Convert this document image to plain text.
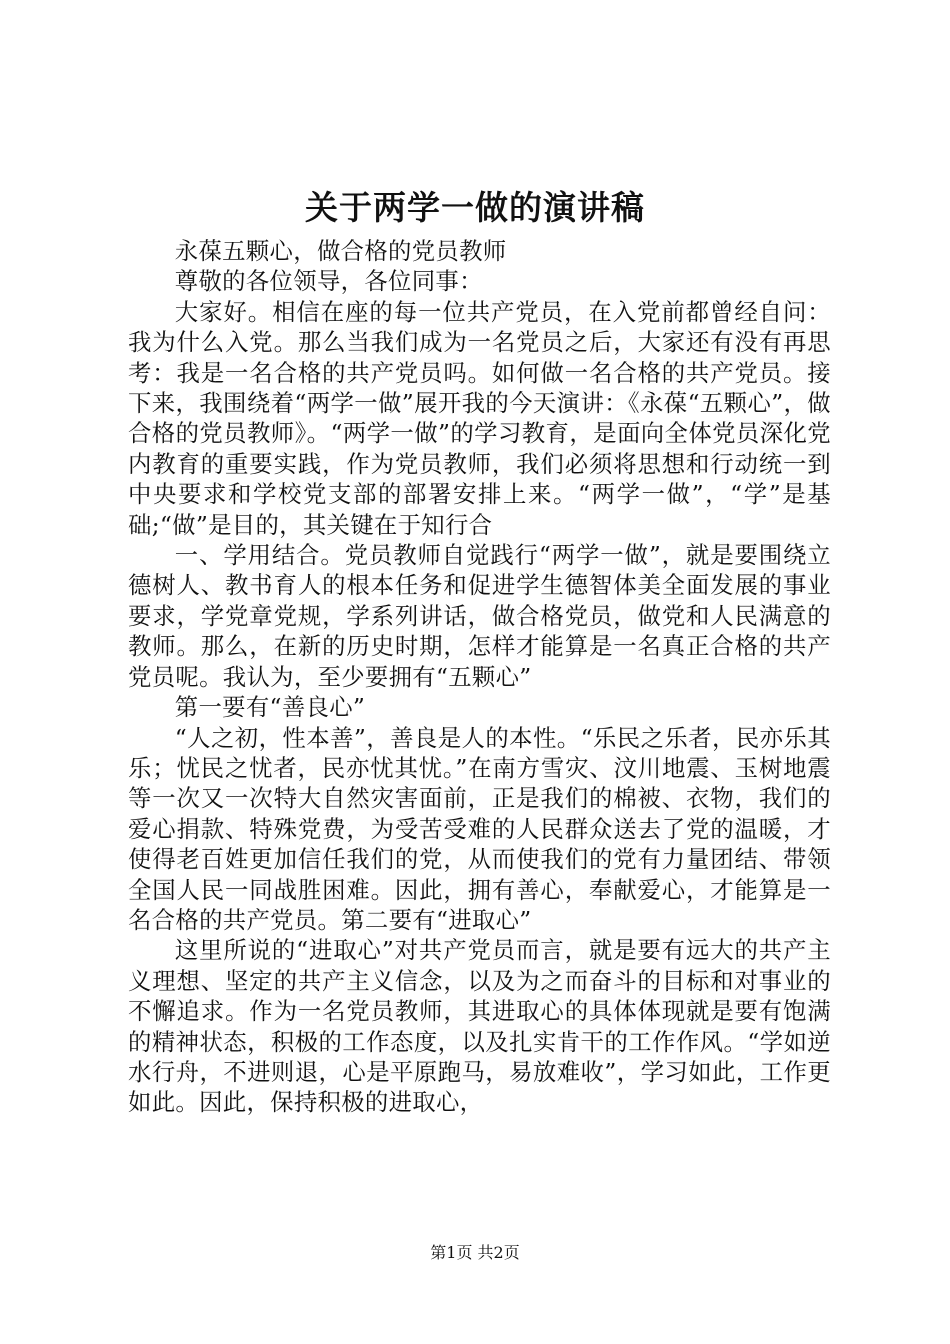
关于两学一做的演讲稿

永葆五颗心，做合格的党员教师

尊敬的各位领导，各位同事：

大家好。相信在座的每一位共产党员，在入党前都曾经自问：我为什么入党。那么当我们成为一名党员之后，大家还有没有再思考：我是一名合格的共产党员吗。如何做一名合格的共产党员。接下来，我围绕着“两学一做”展开我的今天演讲：《永葆“五颗心”，做合格的党员教师》。“两学一做”的学习教育，是面向全体党员深化党内教育的重要实践，作为党员教师，我们必须将思想和行动统一到中央要求和学校党支部的部署安排上来。“两学一做”，“学”是基础;“做”是目的，其关键在于知行合

一、学用结合。党员教师自觉践行“两学一做”，就是要围绕立德树人、教书育人的根本任务和促进学生德智体美全面发展的事业要求，学党章党规，学系列讲话，做合格党员，做党和人民满意的教师。那么，在新的历史时期，怎样才能算是一名真正合格的共产党员呢。我认为，至少要拥有“五颗心”

第一要有“善良心”

“人之初，性本善”，善良是人的本性。“乐民之乐者，民亦乐其乐；忧民之忧者，民亦忧其忧。”在南方雪灾、汶川地震、玉树地震等一次又一次特大自然灾害面前，正是我们的棉被、衣物，我们的爱心捐款、特殊党费，为受苦受难的人民群众送去了党的温暖，才使得老百姓更加信任我们的党，从而使我们的党有力量团结、带领全国人民一同战胜困难。因此，拥有善心，奉献爱心，才能算是一名合格的共产党员。第二要有“进取心”

这里所说的“进取心”对共产党员而言，就是要有远大的共产主义理想、坚定的共产主义信念，以及为之而奋斗的目标和对事业的不懈追求。作为一名党员教师，其进取心的具体体现就是要有饱满的精神状态，积极的工作态度，以及扎实肯干的工作作风。“学如逆水行舟，不进则退，心是平原跑马，易放难收”，学习如此，工作更如此。因此，保持积极的进取心，

第1页 共2页
